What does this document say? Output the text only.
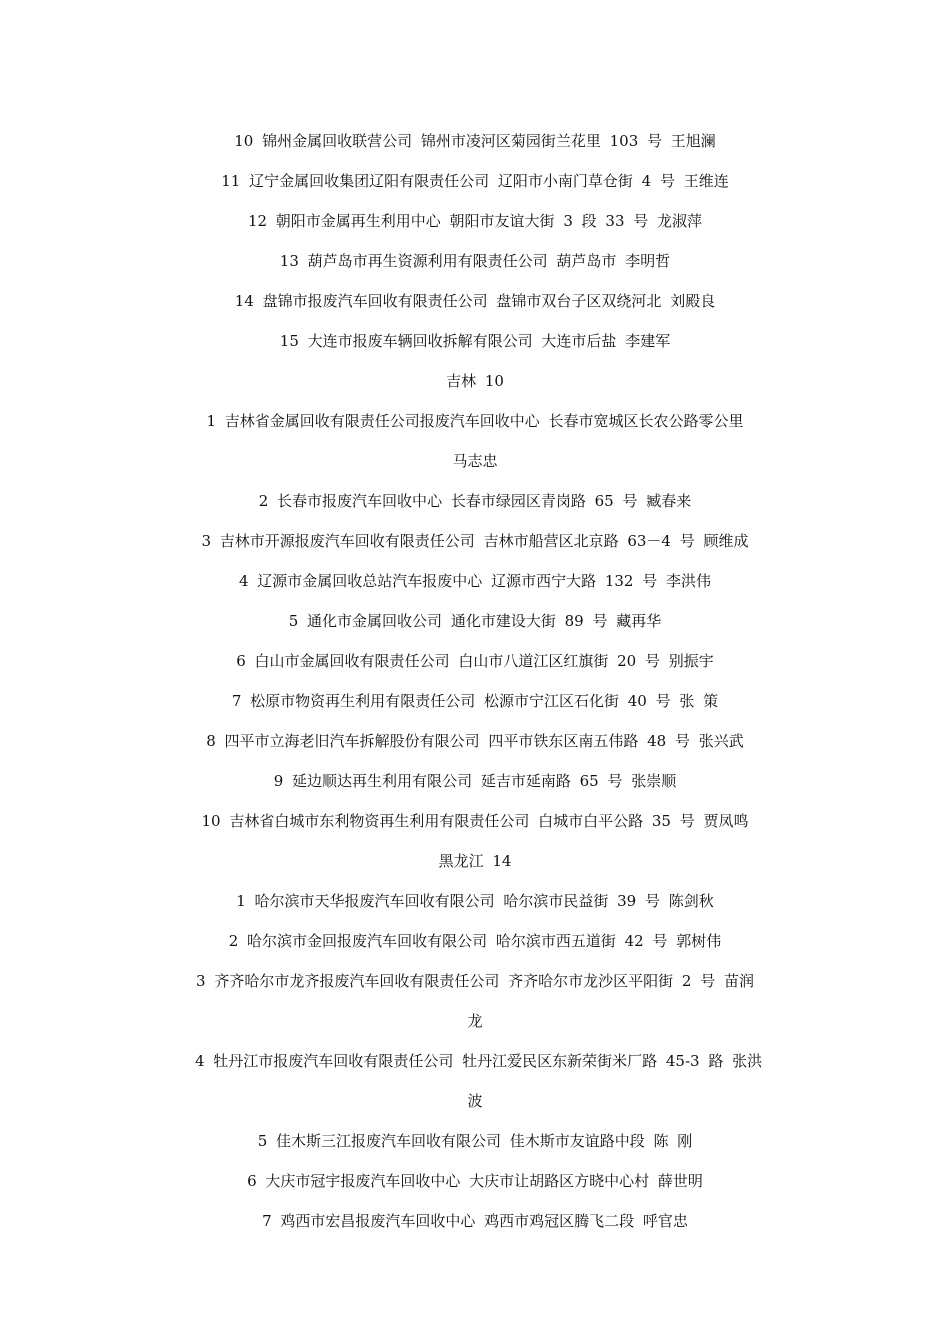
10 锦州金属回收联营公司 锦州市凌河区菊园街兰花里 103 号 王旭澜
11 辽宁金属回收集团辽阳有限责任公司 辽阳市小南门草仓街 4 号 王维连
12 朝阳市金属再生利用中心 朝阳市友谊大街 3 段 33 号 龙淑萍
13 葫芦岛市再生资源利用有限责任公司 葫芦岛市 李明哲
14 盘锦市报废汽车回收有限责任公司 盘锦市双台子区双绕河北 刘殿良
15 大连市报废车辆回收拆解有限公司 大连市后盐 李建军
吉林 10
1 吉林省金属回收有限责任公司报废汽车回收中心 长春市宽城区长农公路零公里
马志忠
2 长春市报废汽车回收中心 长春市绿园区青岗路 65 号 臧春来
3 吉林市开源报废汽车回收有限责任公司 吉林市船营区北京路 63－4 号 顾维成
4 辽源市金属回收总站汽车报废中心 辽源市西宁大路 132 号 李洪伟
5 通化市金属回收公司 通化市建设大街 89 号 藏再华
6 白山市金属回收有限责任公司 白山市八道江区红旗街 20 号 别振宇
7 松原市物资再生利用有限责任公司 松源市宁江区石化街 40 号 张 策
8 四平市立海老旧汽车拆解股份有限公司 四平市铁东区南五伟路 48 号 张兴武
9 延边顺达再生利用有限公司 延吉市延南路 65 号 张崇顺
10 吉林省白城市东利物资再生利用有限责任公司 白城市白平公路 35 号 贾凤鸣
黑龙江 14
1 哈尔滨市天华报废汽车回收有限公司 哈尔滨市民益街 39 号 陈剑秋
2 哈尔滨市金回报废汽车回收有限公司 哈尔滨市西五道街 42 号 郭树伟
3 齐齐哈尔市龙齐报废汽车回收有限责任公司 齐齐哈尔市龙沙区平阳街 2 号 苗润
龙
4 牡丹江市报废汽车回收有限责任公司 牡丹江爱民区东新荣街米厂路 45-3 路 张洪
波
5 佳木斯三江报废汽车回收有限公司 佳木斯市友谊路中段 陈 刚
6 大庆市冠宇报废汽车回收中心 大庆市让胡路区方晓中心村 薛世明
7 鸡西市宏昌报废汽车回收中心 鸡西市鸡冠区腾飞二段 呼官忠
